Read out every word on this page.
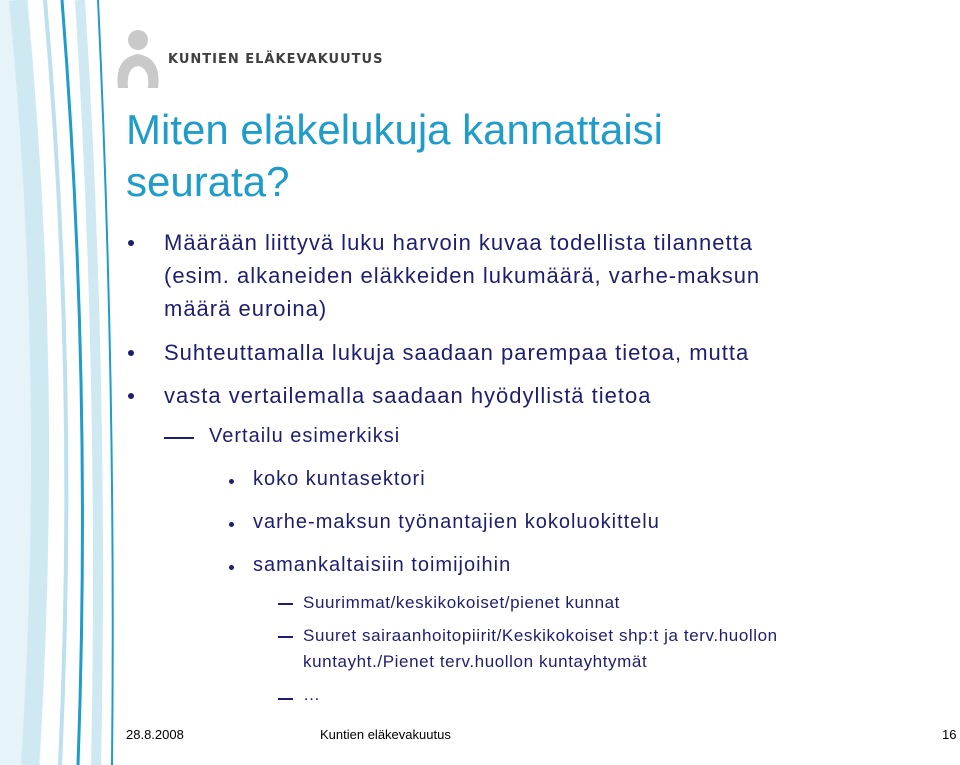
KUNTIEN ELÄKEVAKUUTUS
Miten eläkelukuja kannattaisi
seurata?
Määrään liittyvä luku harvoin kuvaa todellista tilannetta
(esim. alkaneiden eläkkeiden lukumäärä, varhe-maksun
määrä euroina)
Suhteuttamalla lukuja saadaan parempaa tietoa, mutta
vasta vertailemalla saadaan hyödyllistä tietoa
Vertailu esimerkiksi
koko kuntasektori
varhe-maksun työnantajien kokoluokittelu
samankaltaisiin toimijoihin
Suurimmat/keskikokoiset/pienet kunnat
Suuret sairaanhoitopiirit/Keskikokoiset shp:t ja terv.huollon
kuntayht./Pienet terv.huollon kuntayhtymät
…
28.8.2008	Kuntien eläkevakuutus	16
